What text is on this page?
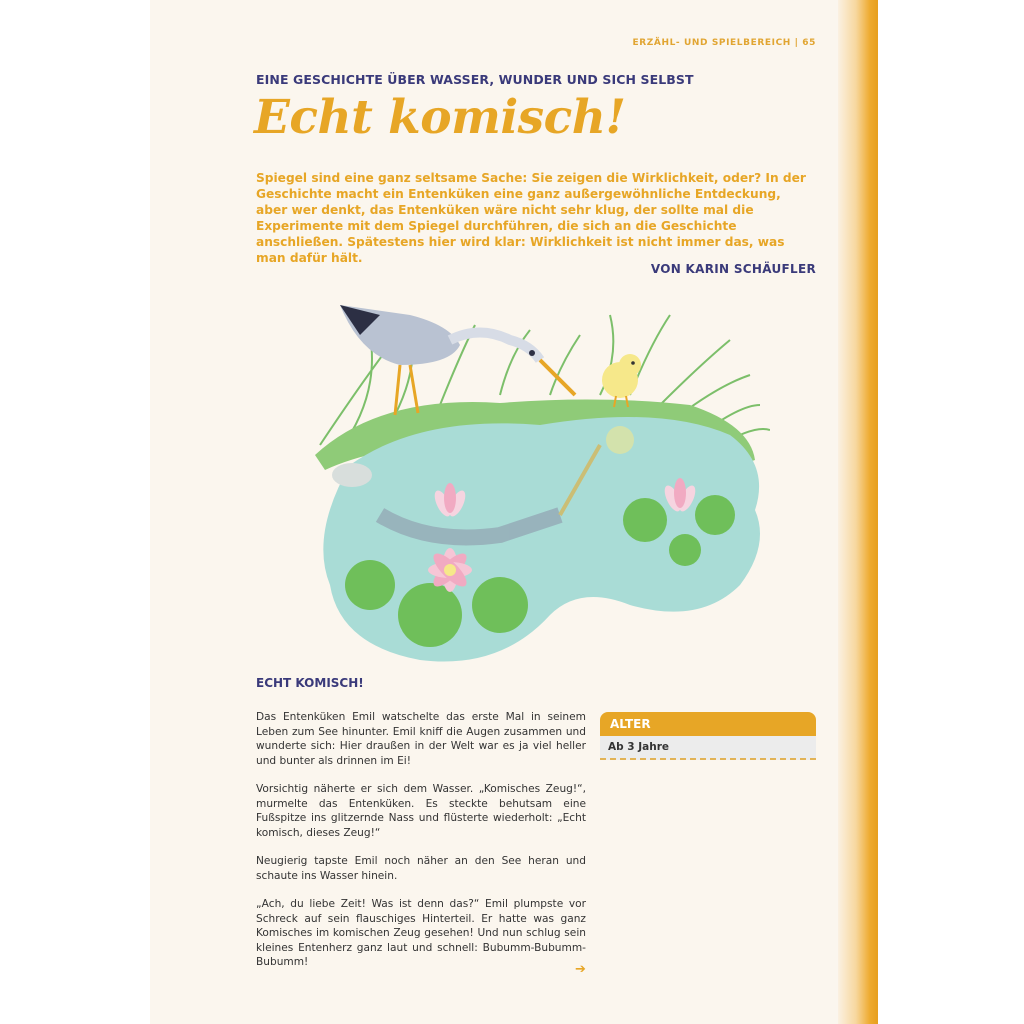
ERZÄHL- UND SPIELBEREICH | 65
EINE GESCHICHTE ÜBER WASSER, WUNDER UND SICH SELBST
Echt komisch!
Spiegel sind eine ganz seltsame Sache: Sie zeigen die Wirklichkeit, oder? In der Geschichte macht ein Entenküken eine ganz außergewöhnliche Entdeckung, aber wer denkt, das Entenküken wäre nicht sehr klug, der sollte mal die Experimente mit dem Spiegel durchführen, die sich an die Geschichte anschließen. Spätestens hier wird klar: Wirklichkeit ist nicht immer das, was man dafür hält.
VON KARIN SCHÄUFLER
ECHT KOMISCH!

Das Entenküken Emil watschelte das erste Mal in seinem Leben zum See hinunter. Emil kniff die Augen zusammen und wunderte sich: Hier draußen in der Welt war es ja viel heller und bunter als drinnen im Ei!

Vorsichtig näherte er sich dem Wasser. „Komisches Zeug!“, murmelte das Entenküken. Es steckte behutsam eine Fußspitze ins glitzernde Nass und flüsterte wiederholt: „Echt komisch, dieses Zeug!“

Neugierig tapste Emil noch näher an den See heran und schaute ins Wasser hinein.

„Ach, du liebe Zeit! Was ist denn das?“ Emil plumpste vor Schreck auf sein flauschiges Hinterteil. Er hatte was ganz Komisches im komischen Zeug gesehen! Und nun schlug sein kleines Entenherz ganz laut und schnell: Bubumm-Bubumm-Bubumm!	➔
ALTER
Ab 3 Jahre
